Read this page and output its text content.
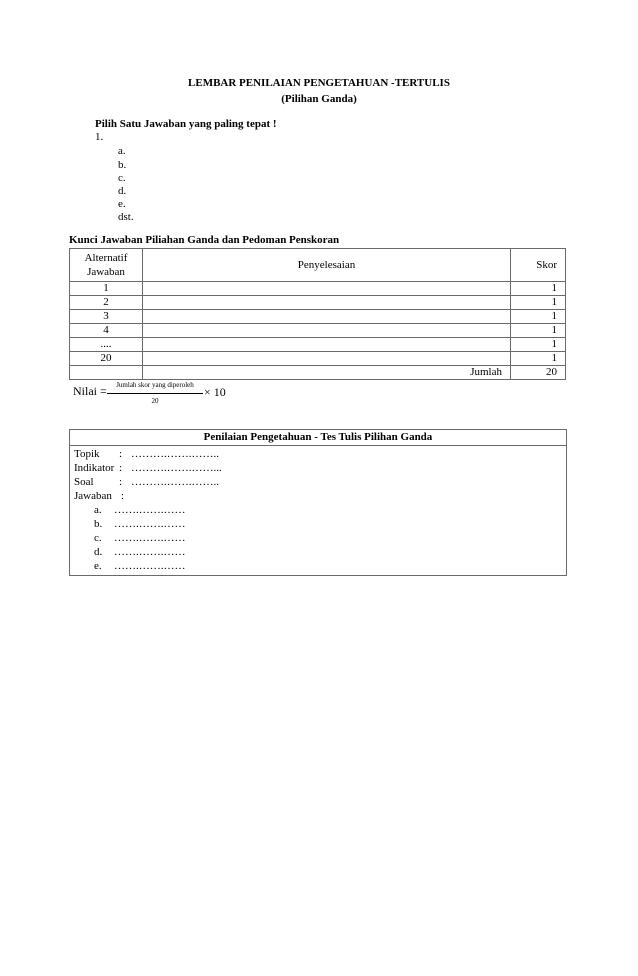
LEMBAR PENILAIAN PENGETAHUAN -TERTULIS
(Pilihan Ganda)
Pilih Satu Jawaban yang paling tepat !
1.
a.
b.
c.
d.
e.
dst.
Kunci Jawaban Piliahan Ganda dan Pedoman Penskoran
Alternatif Jawaban	Penyelesaian	Skor
1		1
2		1
3		1
4		1
....		1
20		1
	Jumlah	20
Nilai =	Jumlah skor yang diperoleh
20
× 10
Penilaian Pengetahuan - Tes Tulis Pilihan Ganda
Topik : ……….…….……..
Indikator : ……….…….……...
Soal : ……….…….……..
Jawaban :
a. …….…….……
b. …….…….……
c. …….…….……
d. …….…….……
e. …….…….……
